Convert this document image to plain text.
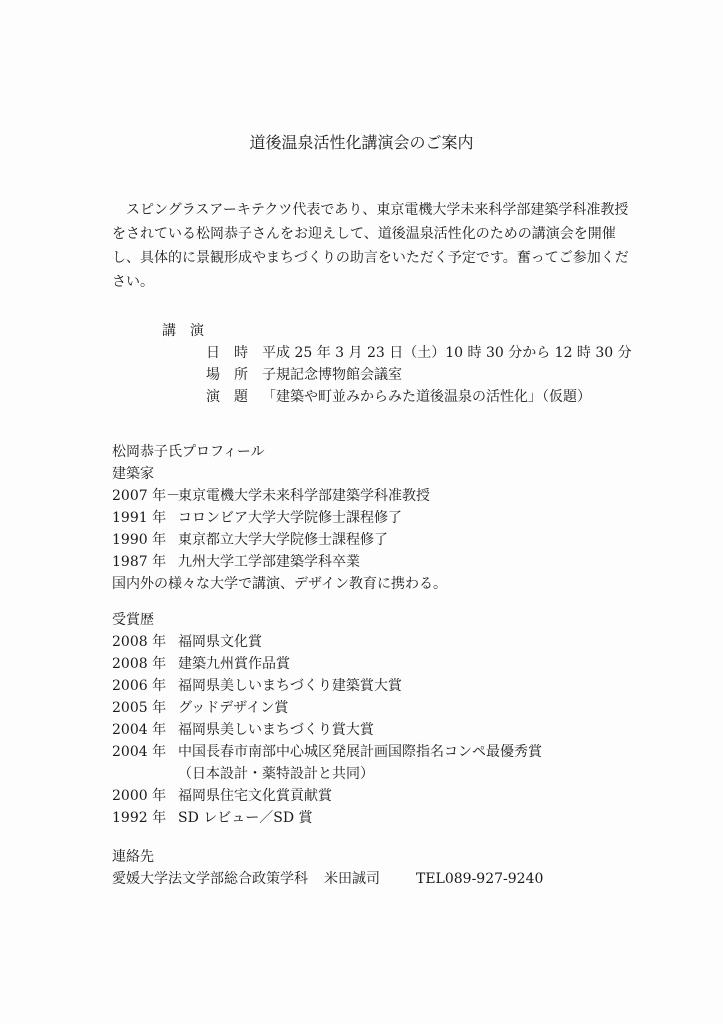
道後温泉活性化講演会のご案内
　スピングラスアーキテクツ代表であり、東京電機大学未来科学部建築学科准教授をされている松岡恭子さんをお迎えして、道後温泉活性化のための講演会を開催し、具体的に景観形成やまちづくりの助言をいただく予定です。奮ってご参加ください。
講　演
日　時 平成 25 年 3 月 23 日（土）10 時 30 分から 12 時 30 分
場　所 子規記念博物館会議室
演　題 「建築や町並みからみた道後温泉の活性化」（仮題）
松岡恭子氏プロフィール
建築家
2007 年－東京電機大学未来科学部建築学科准教授
1991 年 コロンビア大学大学院修士課程修了
1990 年 東京都立大学大学院修士課程修了
1987 年 九州大学工学部建築学科卒業
国内外の様々な大学で講演、デザイン教育に携わる。
受賞歴
2008 年 福岡県文化賞
2008 年 建築九州賞作品賞
2006 年 福岡県美しいまちづくり建築賞大賞
2005 年 グッドデザイン賞
2004 年 福岡県美しいまちづくり賞大賞
2004 年 中国長春市南部中心城区発展計画国際指名コンペ最優秀賞
（日本設計・薬特設計と共同）
2000 年 福岡県住宅文化賞貢献賞
1992 年 SD レビュー／SD 賞
連絡先
愛媛大学法文学部総合政策学科 米田誠司	TEL089-927-9240
